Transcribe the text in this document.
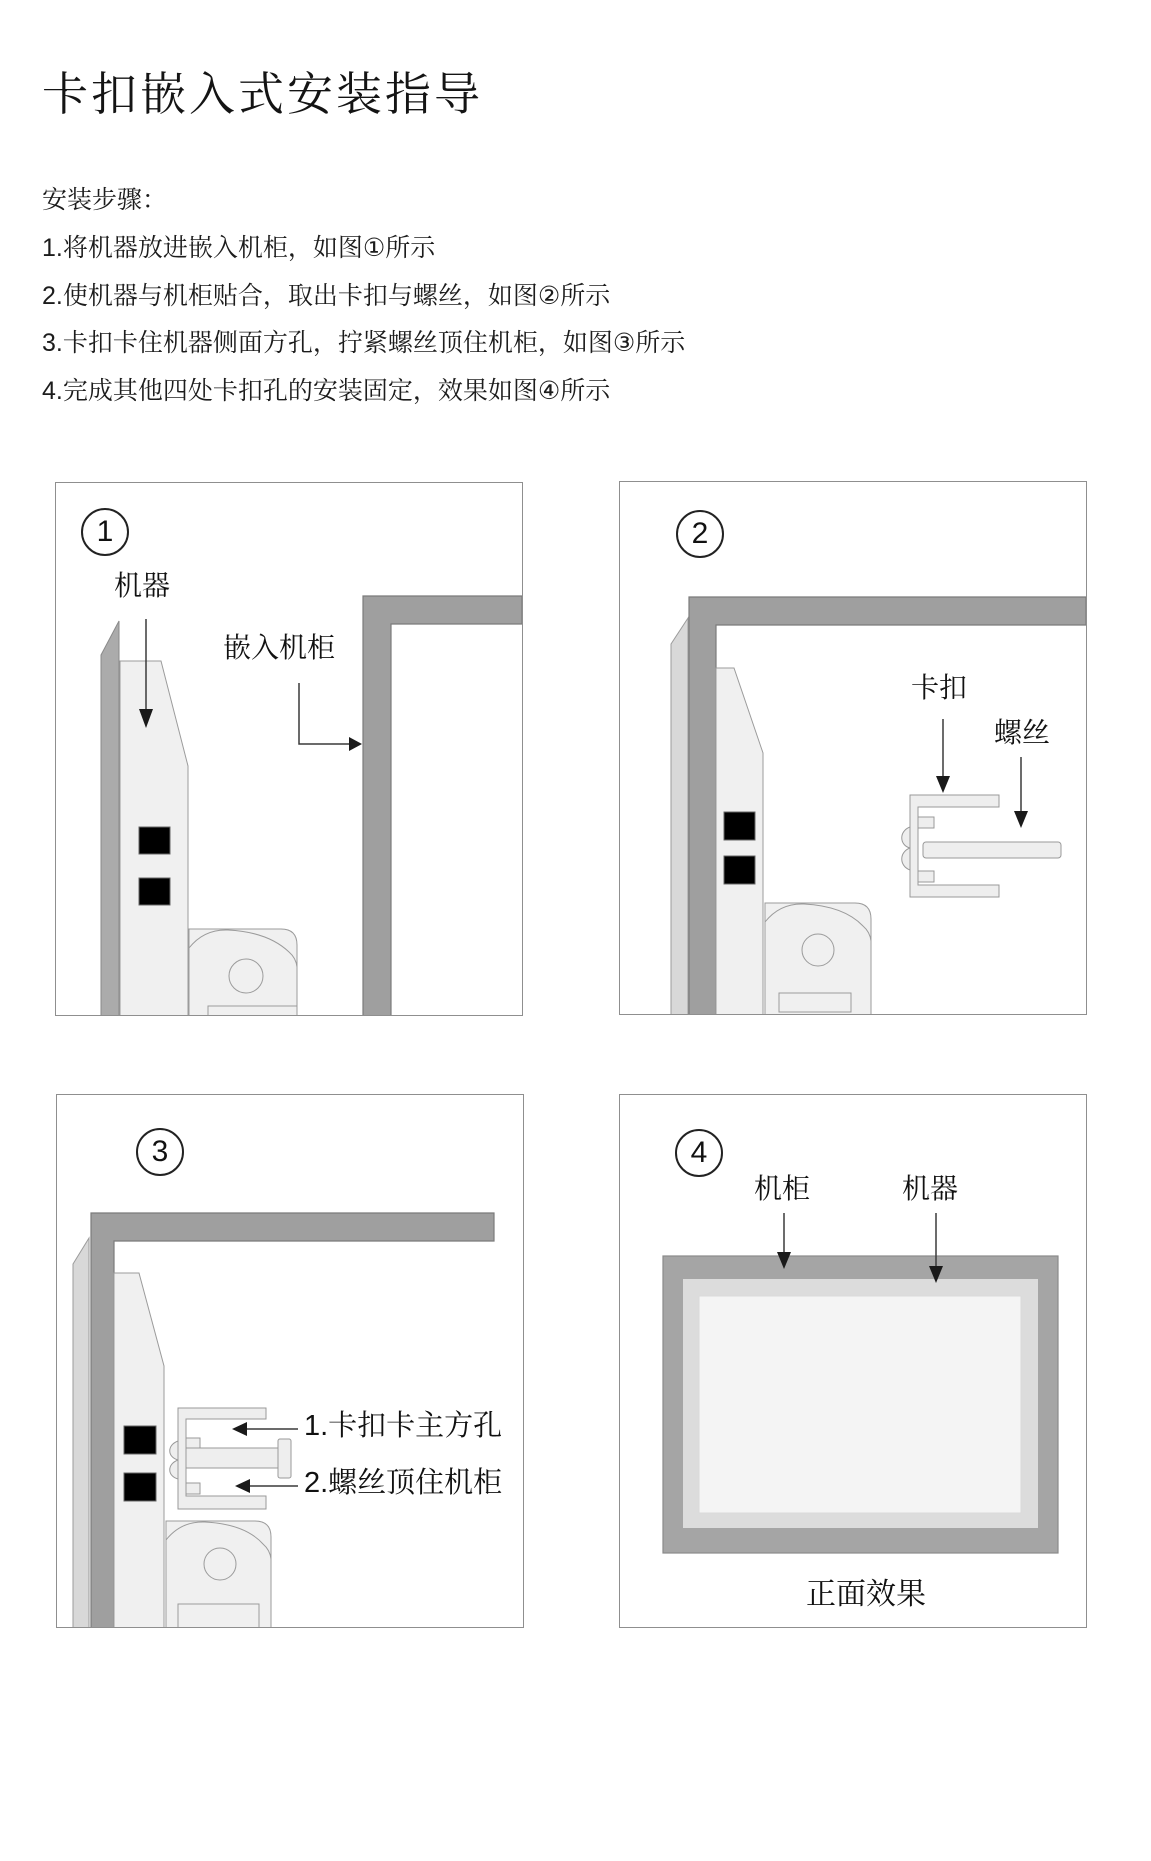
卡扣嵌入式安装指导
安装步骤：
1.将机器放进嵌入机柜，如图①所示
2.使机器与机柜贴合，取出卡扣与螺丝，如图②所示
3.卡扣卡住机器侧面方孔，拧紧螺丝顶住机柜，如图③所示
4.完成其他四处卡扣孔的安装固定，效果如图④所示
1
机器
嵌入机柜
2
卡扣
螺丝
3
1.卡扣卡主方孔
2.螺丝顶住机柜
4
机柜	机器
正面效果
